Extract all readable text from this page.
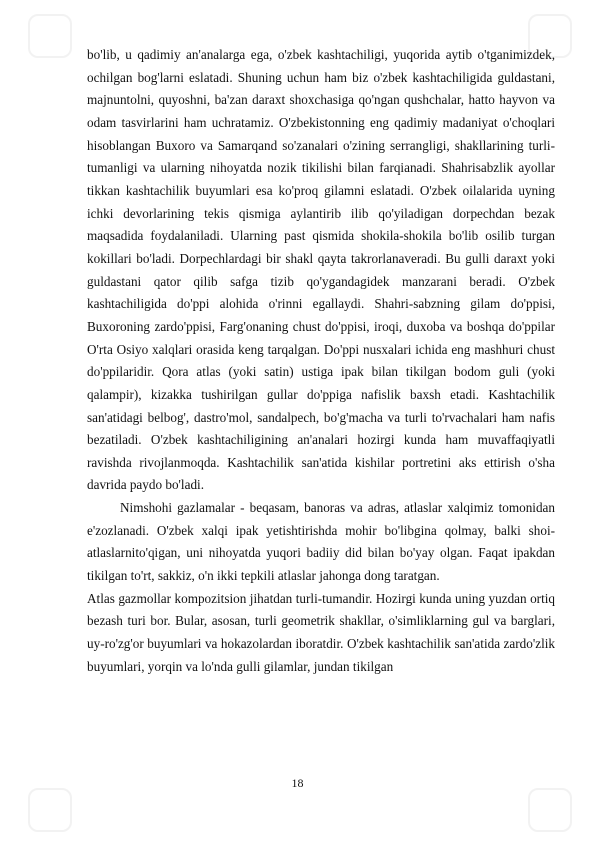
bo'lib, u qadimiy an'analarga ega, o'zbek kashtachiligi, yuqorida aytib o'tganimizdek, ochilgan bog'larni eslatadi. Shuning uchun ham biz o'zbek kashtachiligida guldastani, majnuntolni, quyoshni, ba'zan daraxt shoxchasiga qo'ngan qushchalar, hatto hayvon va odam tasvirlarini ham uchratamiz. O'zbekistonning eng qadimiy madaniyat o'choqlari hisoblangan Buxoro va Samarqand so'zanalari o'zining serrangligi, shakllarining turli-tumanligi va ularning nihoyatda nozik tikilishi bilan farqianadi. Shahrisabzlik ayollar tikkan kashtachilik buyumlari esa ko'proq gilamni eslatadi. O'zbek oilalarida uyning ichki devorlarining tekis qismiga aylantirib ilib qo'yiladigan dorpechdan bezak maqsadida foydalaniladi. Ularning past qismida shokila-shokila bo'lib osilib turgan kokillari bo'ladi. Dorpechlardagi bir shakl qayta takrorlanaveradi. Bu gulli daraxt yoki guldastani qator qilib safga tizib qo'ygandagidek manzarani beradi. O'zbek kashtachiligida do'ppi alohida o'rinni egallaydi. Shahri-sabzning gilam do'ppisi, Buxoroning zardo'ppisi, Farg'onaning chust do'ppisi, iroqi, duxoba va boshqa do'ppilar O'rta Osiyo xalqlari orasida keng tarqalgan. Do'ppi nusxalari ichida eng mashhuri chust do'ppilaridir. Qora atlas (yoki satin) ustiga ipak bilan tikilgan bodom guli (yoki qalampir), kizakka tushirilgan gullar do'ppiga nafislik baxsh etadi. Kashtachilik san'atidagi belbog', dastro'mol, sandalpech, bo'g'macha va turli to'rvachalari ham nafis bezatiladi. O'zbek kashtachiligining an'analari hozirgi kunda ham muvaffaqiyatli ravishda rivojlanmoqda. Kashtachilik san'atida kishilar portretini aks ettirish o'sha davrida paydo bo'ladi.

Nimshohi gazlamalar - beqasam, banoras va adras, atlaslar xalqimiz tomonidan e'zozlanadi. O'zbek xalqi ipak yetishtirishda mohir bo'libgina qolmay, balki shoi-atlaslarnito'qigan, uni nihoyatda yuqori badiiy did bilan bo'yay olgan. Faqat ipakdan tikilgan to'rt, sakkiz, o'n ikki tepkili atlaslar jahonga dong taratgan.

Atlas gazmollar kompozitsion jihatdan turli-tumandir. Hozirgi kunda uning yuzdan ortiq bezash turi bor. Bular, asosan, turli geometrik shakllar, o'simliklarning gul va barglari, uy-ro'zg'or buyumlari va hokazolardan iboratdir. O'zbek kashtachilik san'atida zardo'zlik buyumlari, yorqin va lo'nda gulli gilamlar, jundan tikilgan

18
